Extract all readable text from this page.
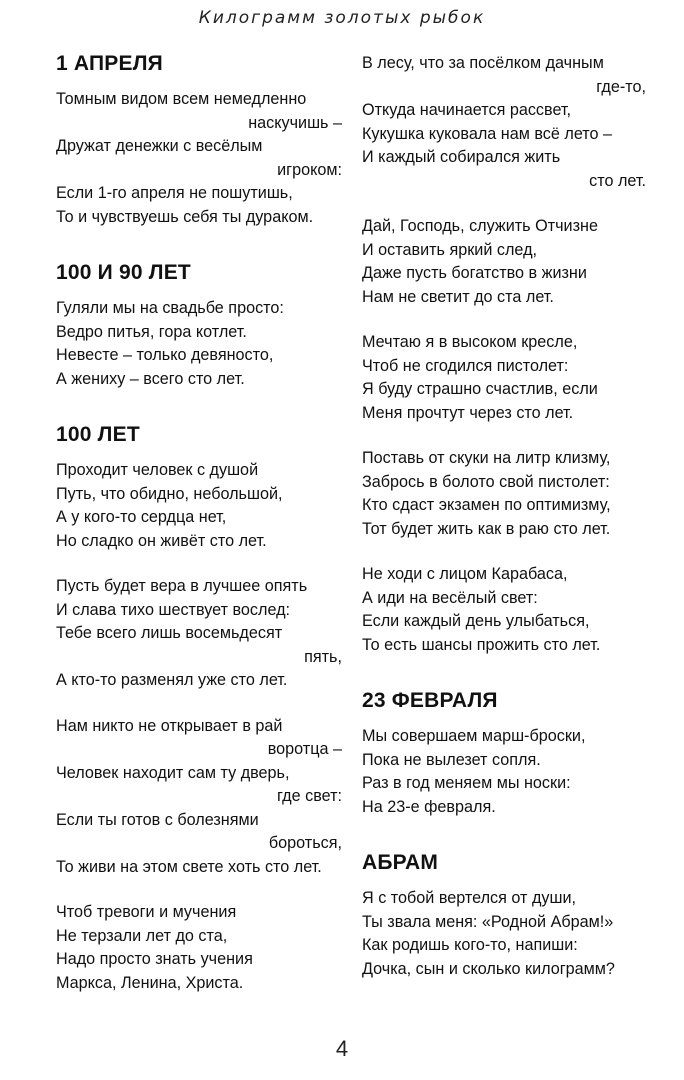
Килограмм золотых рыбок
1 АПРЕЛЯ
Томным видом всем немедленно
наскучишь –
Дружат денежки с весёлым
игроком:
Если 1-го апреля не пошутишь,
То и чувствуешь себя ты дураком.
100 И 90 ЛЕТ
Гуляли мы на свадьбе просто:
Ведро питья, гора котлет.
Невесте – только девяносто,
А жениху – всего сто лет.
100 ЛЕТ
Проходит человек с душой
Путь, что обидно, небольшой,
А у кого-то сердца нет,
Но сладко он живёт сто лет.
Пусть будет вера в лучшее опять
И слава тихо шествует вослед:
Тебе всего лишь восемьдесят
пять,
А кто-то разменял уже сто лет.
Нам никто не открывает в рай
воротца –
Человек находит сам ту дверь,
где свет:
Если ты готов с болезнями
бороться,
То живи на этом свете хоть сто лет.
Чтоб тревоги и мучения
Не терзали лет до ста,
Надо просто знать учения
Маркса, Ленина, Христа.
В лесу, что за посёлком дачным
где-то,
Откуда начинается рассвет,
Кукушка куковала нам всё лето –
И каждый собирался жить
сто лет.
Дай, Господь, служить Отчизне
И оставить яркий след,
Даже пусть богатство в жизни
Нам не светит до ста лет.
Мечтаю я в высоком кресле,
Чтоб не сгодился пистолет:
Я буду страшно счастлив, если
Меня прочтут через сто лет.
Поставь от скуки на литр клизму,
Забрось в болото свой пистолет:
Кто сдаст экзамен по оптимизму,
Тот будет жить как в раю сто лет.
Не ходи с лицом Карабаса,
А иди на весёлый свет:
Если каждый день улыбаться,
То есть шансы прожить сто лет.
23 ФЕВРАЛЯ
Мы совершаем марш-броски,
Пока не вылезет сопля.
Раз в год меняем мы носки:
На 23-е февраля.
АБРАМ
Я с тобой вертелся от души,
Ты звала меня: «Родной Абрам!»
Как родишь кого-то, напиши:
Дочка, сын и сколько килограмм?
4
